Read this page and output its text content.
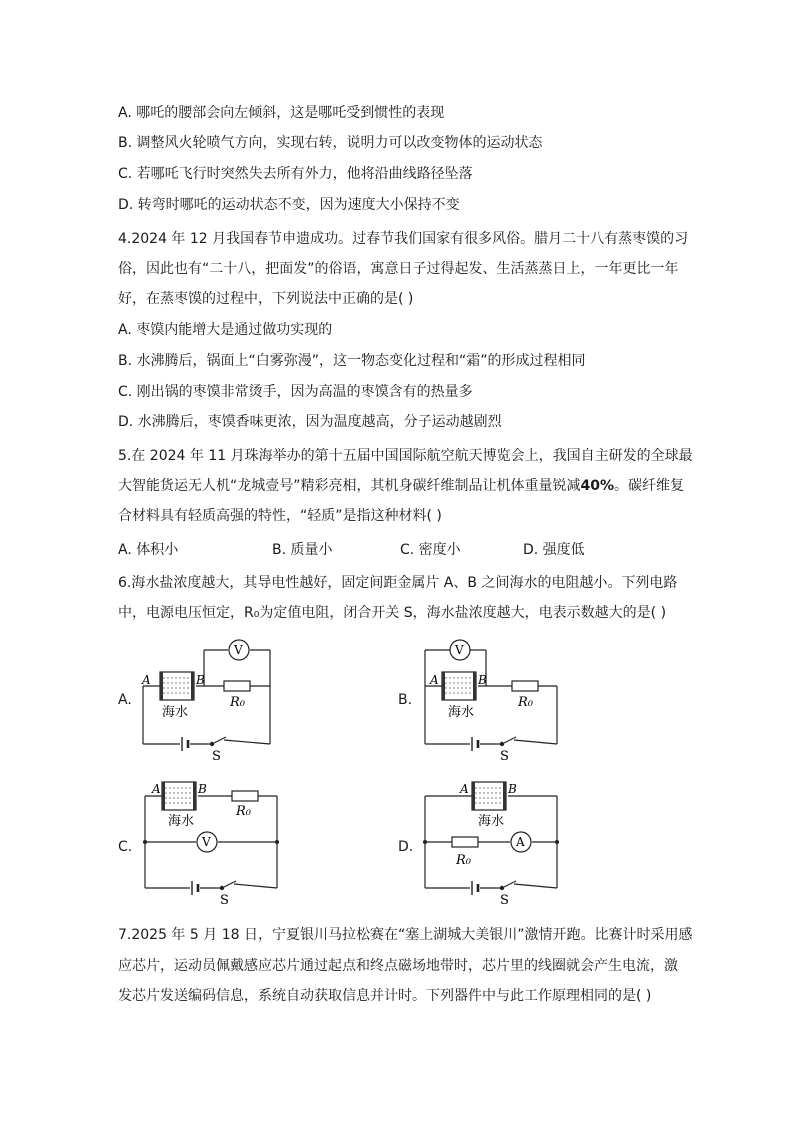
A. 哪吒的腰部会向左倾斜，这是哪吒受到惯性的表现
B. 调整风火轮喷气方向，实现右转，说明力可以改变物体的运动状态
C. 若哪吒飞行时突然失去所有外力，他将沿曲线路径坠落
D. 转弯时哪吒的运动状态不变，因为速度大小保持不变
4.2024 年 12 月我国春节申遗成功。过春节我们国家有很多风俗。腊月二十八有蒸枣馍的习
俗，因此也有“二十八，把面发”的俗语，寓意日子过得起发、生活蒸蒸日上，一年更比一年
好，在蒸枣馍的过程中，下列说法中正确的是( )
A. 枣馍内能增大是通过做功实现的
B. 水沸腾后，锅面上“白雾弥漫”，这一物态变化过程和“霜”的形成过程相同
C. 刚出锅的枣馍非常烫手，因为高温的枣馍含有的热量多
D. 水沸腾后，枣馍香味更浓，因为温度越高，分子运动越剧烈
5.在 2024 年 11 月珠海举办的第十五届中国国际航空航天博览会上，我国自主研发的全球最
大智能货运无人机“龙城壹号”精彩亮相，其机身碳纤维制品让机体重量锐减40%。碳纤维复
合材料具有轻质高强的特性，“轻质”是指这种材料( )
A. 体积小	B. 质量小	C. 密度小	D. 强度低
6.海水盐浓度越大，其导电性越好，固定间距金属片 A、B 之间海水的电阻越小。下列电路
中，电源电压恒定，R₀为定值电阻，闭合开关 S，海水盐浓度越大，电表示数越大的是( )
A.
A	B
V
海水
R₀
S
B.
A	B
V
海水
R₀
S
C.
A	B
V
海水
R₀
S
D.
A	B
A
海水
R₀
S
7.2025 年 5 月 18 日，宁夏银川马拉松赛在“塞上湖城大美银川”激情开跑。比赛计时采用感
应芯片，运动员佩戴感应芯片通过起点和终点磁场地带时，芯片里的线圈就会产生电流，激
发芯片发送编码信息，系统自动获取信息并计时。下列器件中与此工作原理相同的是( )
